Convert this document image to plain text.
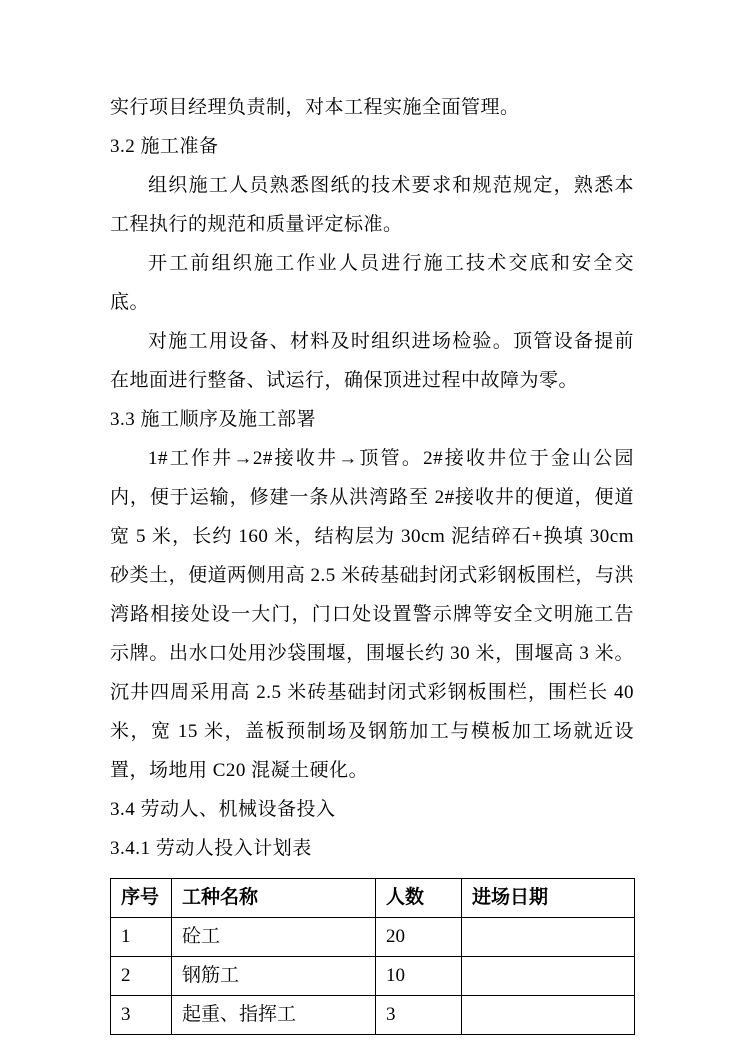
实行项目经理负责制，对本工程实施全面管理。

3.2 施工准备

组织施工人员熟悉图纸的技术要求和规范规定，熟悉本工程执行的规范和质量评定标准。

开工前组织施工作业人员进行施工技术交底和安全交底。

对施工用设备、材料及时组织进场检验。顶管设备提前在地面进行整备、试运行，确保顶进过程中故障为零。

3.3 施工顺序及施工部署

1#工作井→2#接收井→顶管。2#接收井位于金山公园内，便于运输，修建一条从洪湾路至 2#接收井的便道，便道宽 5 米，长约 160 米，结构层为 30cm 泥结碎石+换填 30cm 砂类土，便道两侧用高 2.5 米砖基础封闭式彩钢板围栏，与洪湾路相接处设一大门，门口处设置警示牌等安全文明施工告示牌。出水口处用沙袋围堰，围堰长约 30 米，围堰高 3 米。沉井四周采用高 2.5 米砖基础封闭式彩钢板围栏，围栏长 40 米，宽 15 米，盖板预制场及钢筋加工与模板加工场就近设置，场地用 C20 混凝土硬化。

3.4 劳动人、机械设备投入

3.4.1 劳动人投入计划表

序号	工种名称	人数	进场日期
1	砼工	20	
2	钢筋工	10	
3	起重、指挥工	3	
